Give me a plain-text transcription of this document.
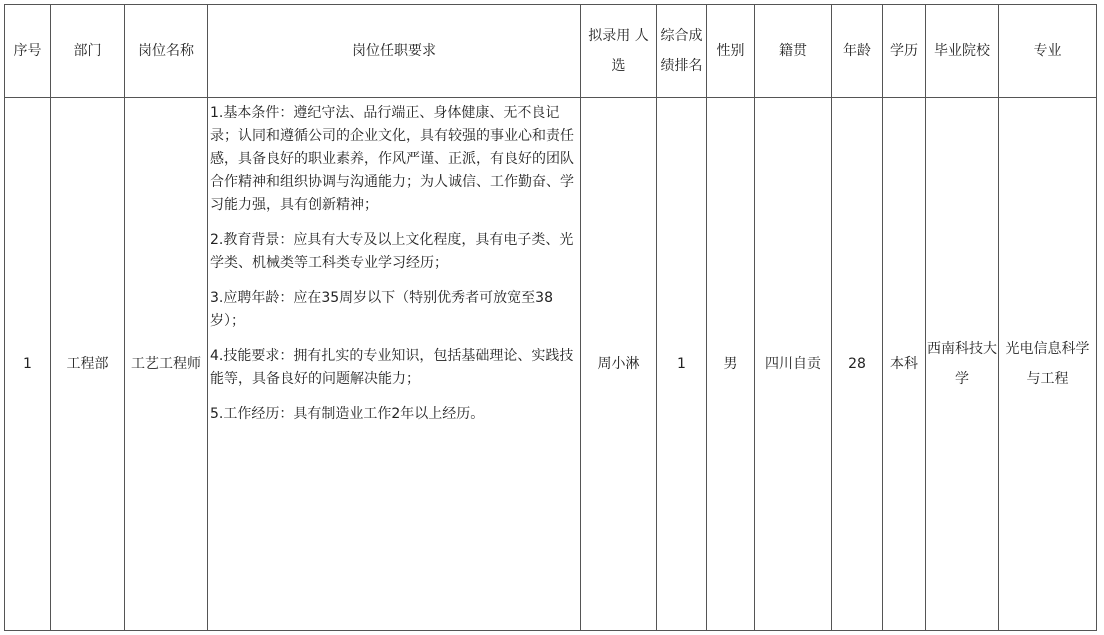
序号	部门	岗位名称	岗位任职要求	拟录用 人选	综合成绩排名	性别	籍贯	年龄	学历	毕业院校	专业
1	工程部	工艺工程师	1.基本条件：遵纪守法、品行端正、身体健康、无不良记录；认同和遵循公司的企业文化，具有较强的事业心和责任感，具备良好的职业素养，作风严谨、正派，有良好的团队合作精神和组织协调与沟通能力；为人诚信、工作勤奋、学习能力强，具有创新精神；

2.教育背景：应具有大专及以上文化程度，具有电子类、光学类、机械类等工科类专业学习经历；

3.应聘年龄：应在35周岁以下（特别优秀者可放宽至38岁）；

4.技能要求：拥有扎实的专业知识，包括基础理论、实践技能等，具备良好的问题解决能力；

5.工作经历：具有制造业工作2年以上经历。	周小淋	1	男	四川自贡	28	本科	西南科技大学	光电信息科学与工程
